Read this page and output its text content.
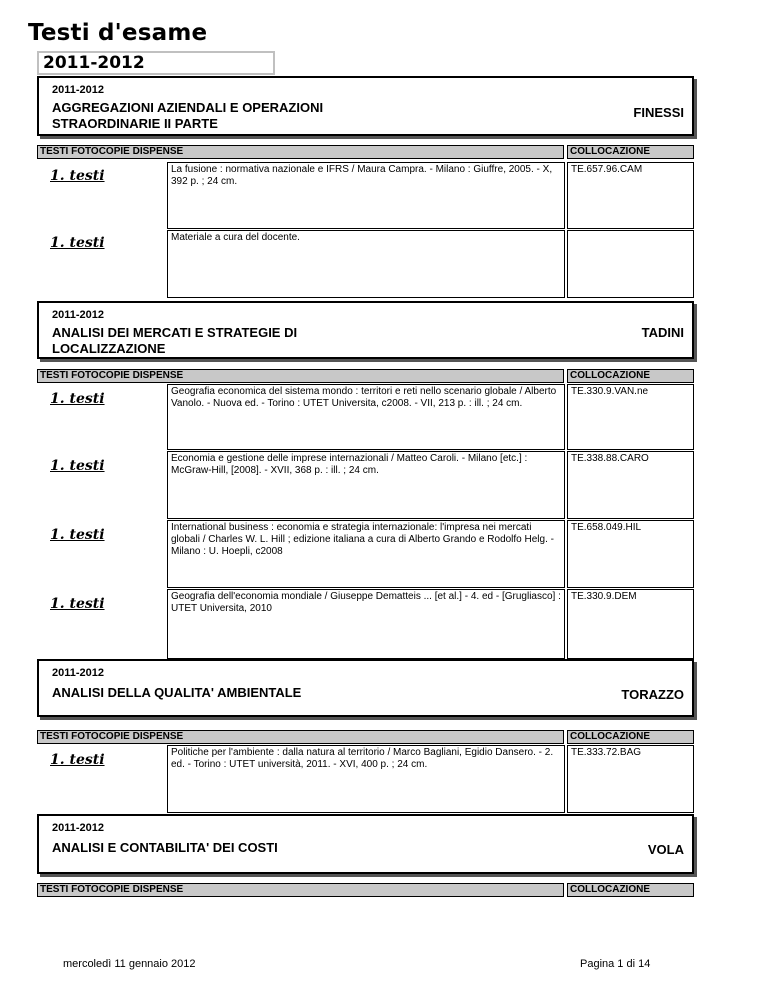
Testi d'esame
2011-2012
2011-2012
AGGREGAZIONI AZIENDALI E OPERAZIONI STRAORDINARIE II PARTE
FINESSI
TESTI FOTOCOPIE DISPENSE	COLLOCAZIONE
1. testi	La fusione : normativa nazionale e IFRS / Maura Campra. - Milano : Giuffre, 2005. - X, 392 p. ; 24 cm.
TE.657.96.CAM
1. testi	Materiale a cura del docente.
2011-2012
ANALISI DEI MERCATI E STRATEGIE DI LOCALIZZAZIONE
TADINI
TESTI FOTOCOPIE DISPENSE	COLLOCAZIONE
1. testi	Geografia economica del sistema mondo : territori e reti nello scenario globale / Alberto Vanolo. - Nuova ed. - Torino : UTET Universita, c2008. - VII, 213 p. : ill. ; 24 cm.
TE.330.9.VAN.ne
1. testi	Economia e gestione delle imprese internazionali / Matteo Caroli. - Milano [etc.] : McGraw-Hill, [2008]. - XVII, 368 p. : ill. ; 24 cm.
TE.338.88.CARO
1. testi	International business : economia e strategia internazionale: l'impresa nei mercati globali / Charles W. L. Hill ; edizione italiana a cura di Alberto Grando e Rodolfo Helg. - Milano : U. Hoepli, c2008
TE.658.049.HIL
1. testi	Geografia dell'economia mondiale / Giuseppe Dematteis ... [et al.] - 4. ed - [Grugliasco] : UTET Universita, 2010
TE.330.9.DEM
2011-2012
ANALISI DELLA QUALITA' AMBIENTALE	TORAZZO
TESTI FOTOCOPIE DISPENSE	COLLOCAZIONE
1. testi	Politiche per l'ambiente : dalla natura al territorio / Marco Bagliani, Egidio Dansero. - 2. ed. - Torino : UTET università, 2011. - XVI, 400 p. ; 24 cm.
TE.333.72.BAG
2011-2012
ANALISI E CONTABILITA' DEI COSTI	VOLA
TESTI FOTOCOPIE DISPENSE	COLLOCAZIONE
mercoledì 11 gennaio 2012	Pagina 1 di 14
